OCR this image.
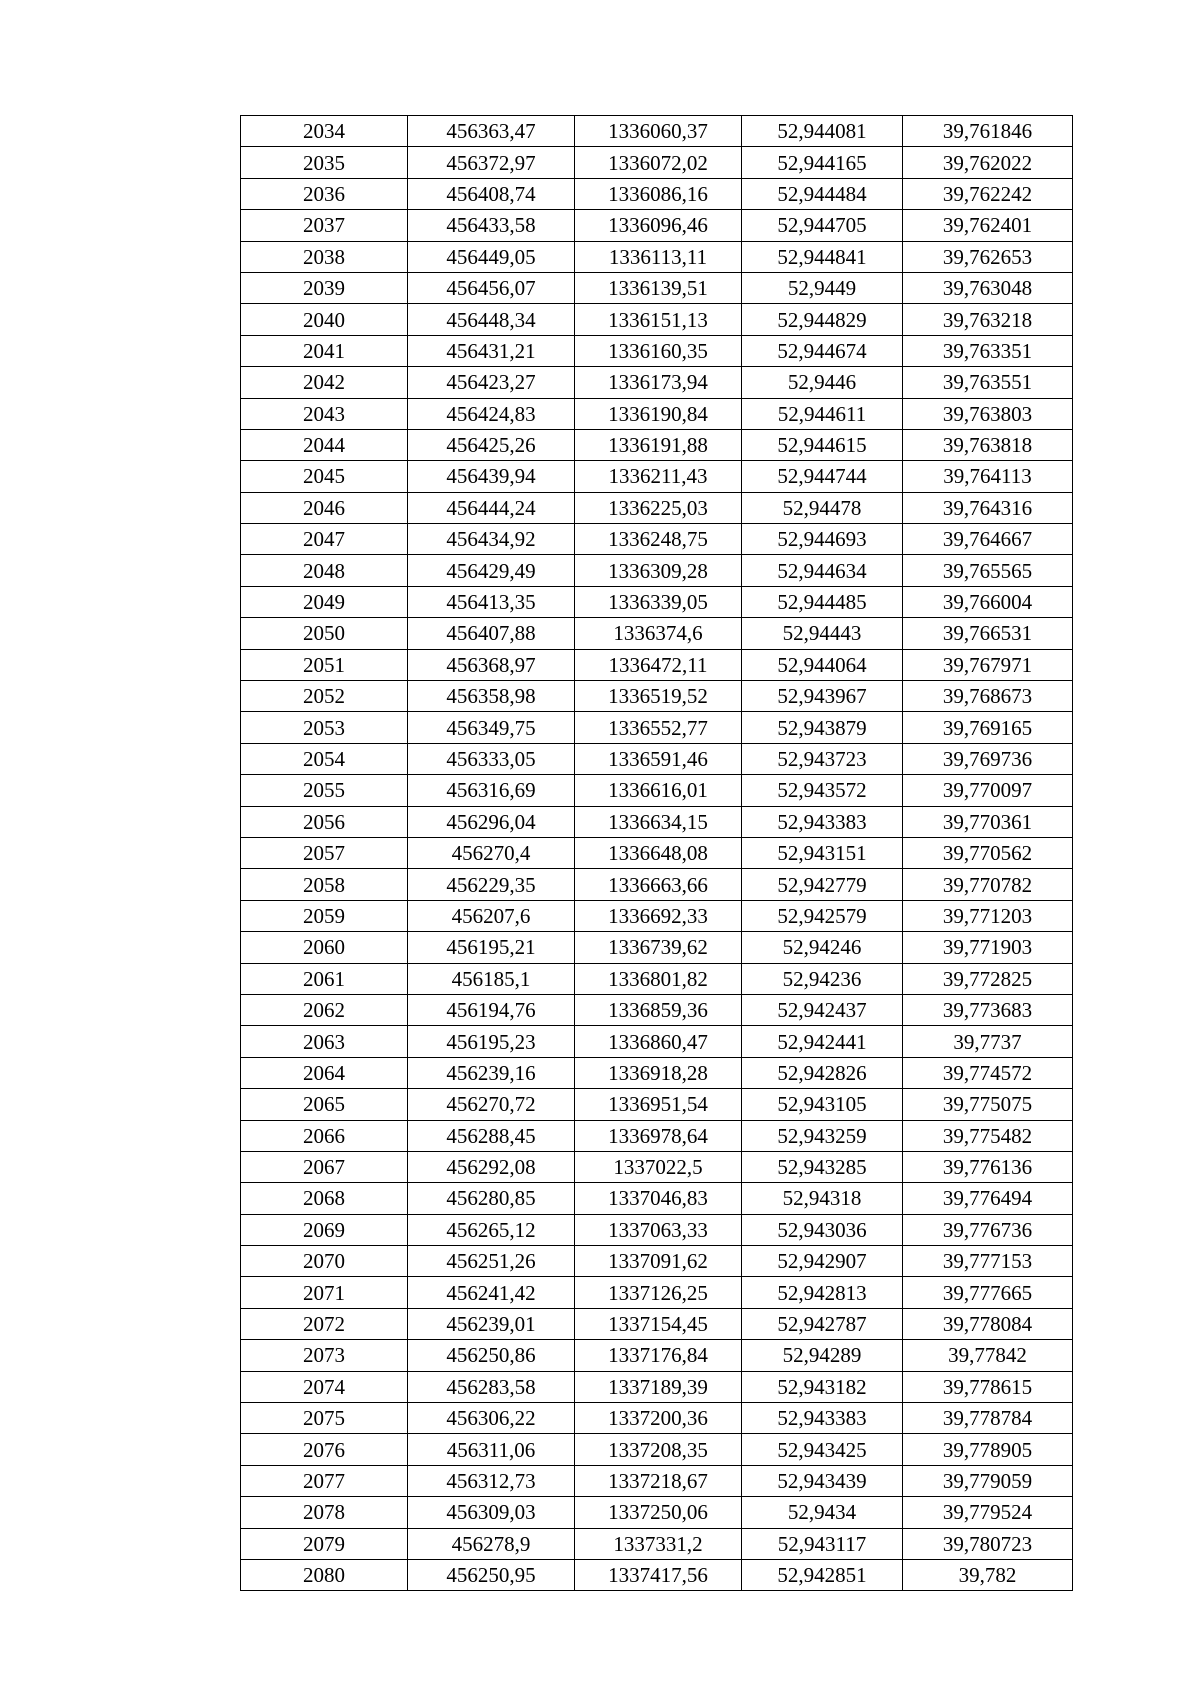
2034	456363,47	1336060,37	52,944081	39,761846
2035	456372,97	1336072,02	52,944165	39,762022
2036	456408,74	1336086,16	52,944484	39,762242
2037	456433,58	1336096,46	52,944705	39,762401
2038	456449,05	1336113,11	52,944841	39,762653
2039	456456,07	1336139,51	52,9449	39,763048
2040	456448,34	1336151,13	52,944829	39,763218
2041	456431,21	1336160,35	52,944674	39,763351
2042	456423,27	1336173,94	52,9446	39,763551
2043	456424,83	1336190,84	52,944611	39,763803
2044	456425,26	1336191,88	52,944615	39,763818
2045	456439,94	1336211,43	52,944744	39,764113
2046	456444,24	1336225,03	52,94478	39,764316
2047	456434,92	1336248,75	52,944693	39,764667
2048	456429,49	1336309,28	52,944634	39,765565
2049	456413,35	1336339,05	52,944485	39,766004
2050	456407,88	1336374,6	52,94443	39,766531
2051	456368,97	1336472,11	52,944064	39,767971
2052	456358,98	1336519,52	52,943967	39,768673
2053	456349,75	1336552,77	52,943879	39,769165
2054	456333,05	1336591,46	52,943723	39,769736
2055	456316,69	1336616,01	52,943572	39,770097
2056	456296,04	1336634,15	52,943383	39,770361
2057	456270,4	1336648,08	52,943151	39,770562
2058	456229,35	1336663,66	52,942779	39,770782
2059	456207,6	1336692,33	52,942579	39,771203
2060	456195,21	1336739,62	52,94246	39,771903
2061	456185,1	1336801,82	52,94236	39,772825
2062	456194,76	1336859,36	52,942437	39,773683
2063	456195,23	1336860,47	52,942441	39,7737
2064	456239,16	1336918,28	52,942826	39,774572
2065	456270,72	1336951,54	52,943105	39,775075
2066	456288,45	1336978,64	52,943259	39,775482
2067	456292,08	1337022,5	52,943285	39,776136
2068	456280,85	1337046,83	52,94318	39,776494
2069	456265,12	1337063,33	52,943036	39,776736
2070	456251,26	1337091,62	52,942907	39,777153
2071	456241,42	1337126,25	52,942813	39,777665
2072	456239,01	1337154,45	52,942787	39,778084
2073	456250,86	1337176,84	52,94289	39,77842
2074	456283,58	1337189,39	52,943182	39,778615
2075	456306,22	1337200,36	52,943383	39,778784
2076	456311,06	1337208,35	52,943425	39,778905
2077	456312,73	1337218,67	52,943439	39,779059
2078	456309,03	1337250,06	52,9434	39,779524
2079	456278,9	1337331,2	52,943117	39,780723
2080	456250,95	1337417,56	52,942851	39,782
